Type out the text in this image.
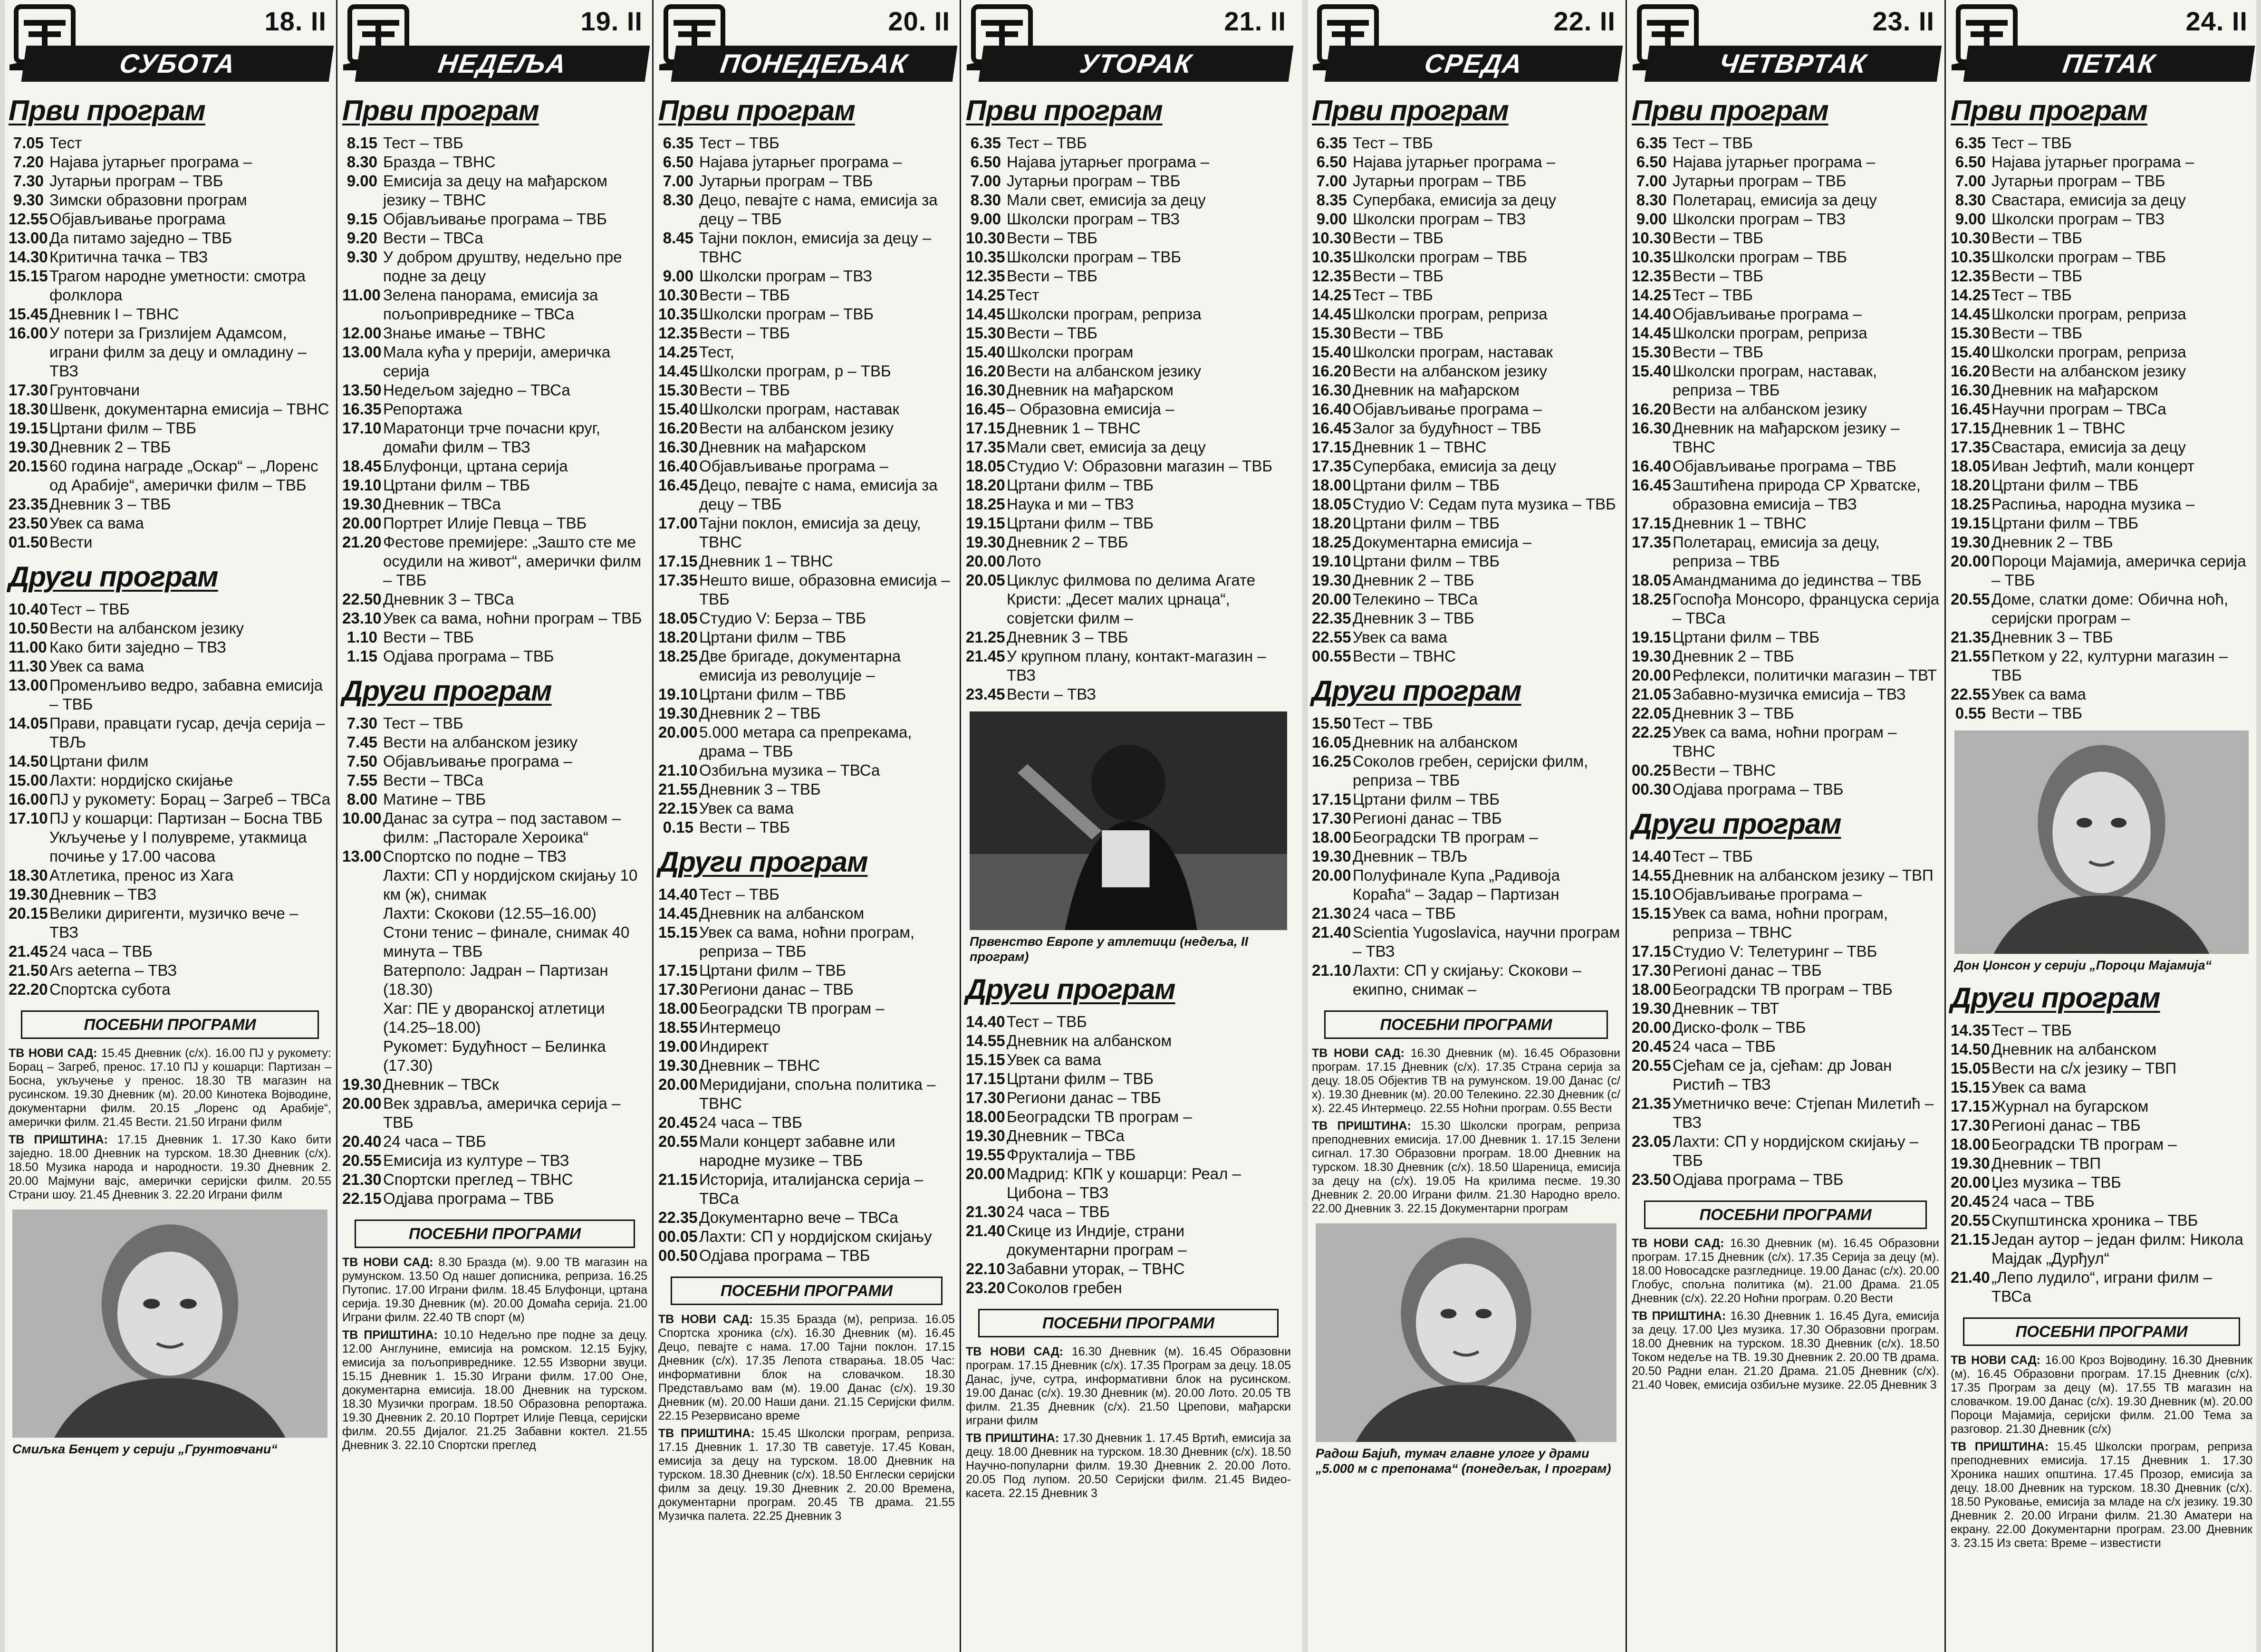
18. II
СУБОТА
Први програм
7.05 Тест
7.20 Најава јутарњег програма –
7.30 Јутарњи програм – ТВБ
9.30 Зимски образовни програм
12.55 Објављивање програма
13.00 Да питамо заједно – ТВБ
14.30 Критична тачка – ТВЗ
15.15 Трагом народне уметности: смотра фолклора
15.45 Дневник I – ТВНС
16.00 У потери за Гризлијем Адамсом, играни филм за децу и омладину – ТВЗ
17.30 Грунтовчани
18.30 Швенк, документарна емисија – ТВНС
19.15 Цртани филм – ТВБ
19.30 Дневник 2 – ТВБ
20.15 60 година награде „Оскар“ – „Лоренс од Арабије“, амерички филм – ТВБ
23.35 Дневник 3 – ТВБ
23.50 Увек са вама
01.50 Вести
Други програм
10.40 Тест – ТВБ
10.50 Вести на албанском језику
11.00 Како бити заједно – ТВЗ
11.30 Увек са вама
13.00 Променљиво ведро, забавна емисија – ТВБ
14.05 Прави, правцати гусар, дечја серија – ТВЉ
14.50 Цртани филм
15.00 Лахти: нордијско скијање
16.00 ПЈ у рукомету: Борац – Загреб – ТВСа
17.10 ПЈ у кошарци: Партизан – Босна ТВБ
Укључење у I полувреме, утакмица почиње у 17.00 часова
18.30 Атлетика, пренос из Хага
19.30 Дневник – ТВЗ
20.15 Велики диригенти, музичко вече – ТВЗ
21.45 24 часа – ТВБ
21.50 Ars aeterna – ТВЗ
22.20 Спортска субота
ПОСЕБНИ ПРОГРАМИ
ТВ НОВИ САД: 15.45 Дневник (с/х). 16.00 ПЈ у рукомету: Борац – Загреб, пренос. 17.10 ПЈ у кошарци: Партизан – Босна, укључење у пренос. 18.30 ТВ магазин на русинском. 19.30 Дневник (м). 20.00 Кинотека Војводине, документарни филм. 20.15 „Лоренс од Арабије“, амерички филм. 21.45 Вести. 21.50 Играни филм
ТВ ПРИШТИНА: 17.15 Дневник 1. 17.30 Како бити заједно. 18.00 Дневник на турском. 18.30 Дневник (с/х). 18.50 Музика народа и народности. 19.30 Дневник 2. 20.00 Мајмуни вајс, амерички серијски филм. 20.55 Страни шоу. 21.45 Дневник 3. 22.20 Играни филм
Смиљка Бенцет у серији „Грунтовчани“
19. II
НЕДЕЉА
Први програм
8.15 Тест – ТВБ
8.30 Бразда – ТВНС
9.00 Емисија за децу на мађарском језику – ТВНС
9.15 Објављивање програма – ТВБ
9.20 Вести – ТВСа
9.30 У добром друштву, недељно пре подне за децу
11.00 Зелена панорама, емисија за пољопривреднике – ТВСа
12.00 Знање имање – ТВНС
13.00 Мала кућа у прерији, америчка серија
13.50 Недељом заједно – ТВСа
16.35 Репортажа
17.10 Маратонци трче почасни круг, домаћи филм – ТВЗ
18.45 Блуфонци, цртана серија
19.10 Цртани филм – ТВБ
19.30 Дневник – ТВСа
20.00 Портрет Илије Певца – ТВБ
21.20 Фестове премијере: „Зашто сте ме осудили на живот“, амерички филм – ТВБ
22.50 Дневник 3 – ТВСа
23.10 Увек са вама, ноћни програм – ТВБ
1.10 Вести – ТВБ
1.15 Одјава програма – ТВБ
Други програм
7.30 Тест – ТВБ
7.45 Вести на албанском језику
7.50 Објављивање програма –
7.55 Вести – ТВСа
8.00 Матине – ТВБ
10.00 Данас за сутра – под заставом – филм: „Пасторале Хероика“
13.00 Спортско по подне – ТВЗ
Лахти: СП у нордијском скијању 10 км (ж), снимак
Лахти: Скокови (12.55–16.00)
Стони тенис – финале, снимак 40 минута – ТВБ
Ватерполо: Јадран – Партизан (18.30)
Хаг: ПЕ у дворанској атлетици (14.25–18.00)
Рукомет: Будућност – Белинка (17.30)
19.30 Дневник – ТВСк
20.00 Век здравља, америчка серија – ТВБ
20.40 24 часа – ТВБ
20.55 Емисија из културе – ТВЗ
21.30 Спортски преглед – ТВНС
22.15 Одјава програма – ТВБ
ПОСЕБНИ ПРОГРАМИ
ТВ НОВИ САД: 8.30 Бразда (м). 9.00 ТВ магазин на румунском. 13.50 Од нашег дописника, репризa. 16.25 Путопис. 17.00 Играни филм. 18.45 Блуфонци, цртана серија. 19.30 Дневник (м). 20.00 Домаћа серија. 21.00 Играни филм. 22.40 ТВ спорт (м)
ТВ ПРИШТИНА: 10.10 Недељно пре подне за децу. 12.00 Англунине, емисија на ромском. 12.15 Бујку, емисија за пољопривреднике. 12.55 Изворни звуци. 15.15 Дневник 1. 15.30 Играни филм. 17.00 Оне, документарна емисија. 18.00 Дневник на турском. 18.30 Музички програм. 18.50 Образовна репортажа. 19.30 Дневник 2. 20.10 Портрет Илије Певца, серијски филм. 20.55 Дијалог. 21.25 Забавни коктел. 21.55 Дневник 3. 22.10 Спортски преглед
20. II
ПОНЕДЕЉАК
Први програм
6.35 Тест – ТВБ
6.50 Најава јутарњег програма –
7.00 Јутарњи програм – ТВБ
8.30 Децо, певајте с нама, емисија за децу – ТВБ
8.45 Тајни поклон, емисија за децу – ТВНС
9.00 Школски програм – ТВЗ
10.30 Вести – ТВБ
10.35 Школски програм – ТВБ
12.35 Вести – ТВБ
14.25 Тест,
14.45 Школски програм, р – ТВБ
15.30 Вести – ТВБ
15.40 Школски програм, наставак
16.20 Вести на албанском језику
16.30 Дневник на мађарском
16.40 Објављивање програма –
16.45 Децо, певајте с нама, емисија за децу – ТВБ
17.00 Тајни поклон, емисија за децу, ТВНС
17.15 Дневник 1 – ТВНС
17.35 Нешто више, образовна емисија – ТВБ
18.05 Студио V: Берза – ТВБ
18.20 Цртани филм – ТВБ
18.25 Две бригаде, документарна емисија из револуције –
19.10 Цртани филм – ТВБ
19.30 Дневник 2 – ТВБ
20.00 5.000 метара са препрекама, драма – ТВБ
21.10 Озбиљна музика – ТВСа
21.55 Дневник 3 – ТВБ
22.15 Увек са вама
0.15 Вести – ТВБ
Други програм
14.40 Тест – ТВБ
14.45 Дневник на албанском
15.15 Увек са вама, ноћни програм, репризa – ТВБ
17.15 Цртани филм – ТВБ
17.30 Региони данас – ТВБ
18.00 Београдски ТВ програм –
18.55 Интермецо
19.00 Индирект
19.30 Дневник – ТВНС
20.00 Меридијани, спољна политика – ТВНС
20.45 24 часа – ТВБ
20.55 Мали концерт забавне или народне музике – ТВБ
21.15 Историја, италијанска серија – ТВСа
22.35 Документарно вече – ТВСа
00.05 Лахти: СП у нордијском скијању
00.50 Одјава програма – ТВБ
ПОСЕБНИ ПРОГРАМИ
ТВ НОВИ САД: 15.35 Бразда (м), репризa. 16.05 Спортска хроника (с/х). 16.30 Дневник (м). 16.45 Децо, певајте с нама. 17.00 Тајни поклон. 17.15 Дневник (с/х). 17.35 Лепота стварања. 18.05 Час: информативни блок на словачком. 18.30 Представљамо вам (м). 19.00 Данас (с/х). 19.30 Дневник (м). 20.00 Наши дани. 21.15 Серијски филм. 22.15 Резервисано време
ТВ ПРИШТИНА: 15.45 Школски програм, репризa. 17.15 Дневник 1. 17.30 ТВ саветује. 17.45 Кован, емисија за децу на турском. 18.00 Дневник на турском. 18.30 Дневник (с/х). 18.50 Енглески серијски филм за децу. 19.30 Дневник 2. 20.00 Времена, документарни програм. 20.45 ТВ драма. 21.55 Музичка палета. 22.25 Дневник 3
21. II
УТОРАК
Први програм
6.35 Тест – ТВБ
6.50 Најава јутарњег програма –
7.00 Јутарњи програм – ТВБ
8.30 Мали свет, емисија за децу
9.00 Школски програм – ТВЗ
10.30 Вести – ТВБ
10.35 Школски програм – ТВБ
12.35 Вести – ТВБ
14.25 Тест
14.45 Школски програм, репризa
15.30 Вести – ТВБ
15.40 Школски програм
16.20 Вести на албанском језику
16.30 Дневник на мађарском
16.45 – Образовна емисија –
17.15 Дневник 1 – ТВНС
17.35 Мали свет, емисија за децу
18.05 Студио V: Образовни магазин – ТВБ
18.20 Цртани филм – ТВБ
18.25 Наука и ми – ТВЗ
19.15 Цртани филм – ТВБ
19.30 Дневник 2 – ТВБ
20.00 Лото
20.05 Циклус филмова по делима Агате Кристи: „Десет малих црнаца“, совјетски филм –
21.25 Дневник 3 – ТВБ
21.45 У крупном плану, контакт-магазин – ТВЗ
23.45 Вести – ТВЗ
Првенство Европе у атлетици (недеља, II програм)
Други програм
14.40 Тест – ТВБ
14.55 Дневник на албанском
15.15 Увек са вама
17.15 Цртани филм – ТВБ
17.30 Региони данас – ТВБ
18.00 Београдски ТВ програм –
19.30 Дневник – ТВСа
19.55 Фрукталија – ТВБ
20.00 Мадрид: КПК у кошарци: Реал – Цибона – ТВЗ
21.30 24 часа – ТВБ
21.40 Скице из Индије, страни документарни програм –
22.10 Забавни уторак, – ТВНС
23.20 Соколов гребен
ПОСЕБНИ ПРОГРАМИ
ТВ НОВИ САД: 16.30 Дневник (м). 16.45 Образовни програм. 17.15 Дневник (с/х). 17.35 Програм за децу. 18.05 Данас, јуче, сутра, информативни блок на русинском. 19.00 Данас (с/х). 19.30 Дневник (м). 20.00 Лото. 20.05 ТВ филм. 21.35 Дневник (с/х). 21.50 Црепови, мађарски играни филм
ТВ ПРИШТИНА: 17.30 Дневник 1. 17.45 Вртић, емисија за децу. 18.00 Дневник на турском. 18.30 Дневник (с/х). 18.50 Научно-популарни филм. 19.30 Дневник 2. 20.00 Лото. 20.05 Под лупом. 20.50 Серијски филм. 21.45 Видео-касета. 22.15 Дневник 3
22. II
СРЕДА
Први програм
6.35 Тест – ТВБ
6.50 Најава јутарњег програма –
7.00 Јутарњи програм – ТВБ
8.35 Супербака, емисија за децу
9.00 Школски програм – ТВЗ
10.30 Вести – ТВБ
10.35 Школски програм – ТВБ
12.35 Вести – ТВБ
14.25 Тест – ТВБ
14.45 Школски програм, репризa
15.30 Вести – ТВБ
15.40 Школски програм, наставак
16.20 Вести на албанском језику
16.30 Дневник на мађарском
16.40 Објављивање програма –
16.45 Залог за будућност – ТВБ
17.15 Дневник 1 – ТВНС
17.35 Супербака, емисија за децу
18.00 Цртани филм – ТВБ
18.05 Студио V: Седам пута музика – ТВБ
18.20 Цртани филм – ТВБ
18.25 Документарна емисија –
19.10 Цртани филм – ТВБ
19.30 Дневник 2 – ТВБ
20.00 Телекино – ТВСа
22.35 Дневник 3 – ТВБ
22.55 Увек са вама
00.55 Вести – ТВНС
Други програм
15.50 Тест – ТВБ
16.05 Дневник на албанском
16.25 Соколов гребен, серијски филм, репризa – ТВБ
17.15 Цртани филм – ТВБ
17.30 Регионi данас – ТВБ
18.00 Београдски ТВ програм –
19.30 Дневник – ТВЉ
20.00 Полуфинале Купа „Радивоја Кораћа“ – Задар – Партизан
21.30 24 часа – ТВБ
21.40 Scientia Yugoslavica, научни програм – ТВЗ
21.10 Лахти: СП у скијању: Скокови – екипно, снимак –
ПОСЕБНИ ПРОГРАМИ
ТВ НОВИ САД: 16.30 Дневник (м). 16.45 Образовни програм. 17.15 Дневник (с/х). 17.35 Страна серија за децу. 18.05 Објектив ТВ на румунском. 19.00 Данас (с/х). 19.30 Дневник (м). 20.00 Телекино. 22.30 Дневник (с/х). 22.45 Интермецо. 22.55 Ноћни програм. 0.55 Вести
ТВ ПРИШТИНА: 15.30 Школски програм, репризa преподневних емисија. 17.00 Дневник 1. 17.15 Зелени сигнал. 17.30 Образовни програм. 18.00 Дневник на турском. 18.30 Дневник (с/х). 18.50 Шареница, емисија за децу на (с/х). 19.05 На крилима песме. 19.30 Дневник 2. 20.00 Играни филм. 21.30 Народно врело. 22.00 Дневник 3. 22.15 Документарни програм
Радош Бајић, тумач главне улоге у драми „5.000 м с препонама“ (понедељак, I програм)
23. II
ЧЕТВРТАК
Први програм
6.35 Тест – ТВБ
6.50 Најава јутарњег програма –
7.00 Јутарњи програм – ТВБ
8.30 Полетарац, емисија за децу
9.00 Школски програм – ТВЗ
10.30 Вести – ТВБ
10.35 Школски програм – ТВБ
12.35 Вести – ТВБ
14.25 Тест – ТВБ
14.40 Објављивање програма –
14.45 Школски програм, репризa
15.30 Вести – ТВБ
15.40 Школски програм, наставак, репризa – ТВБ
16.20 Вести на албанском језику
16.30 Дневник на мађарском језику – ТВНС
16.40 Објављивање програма – ТВБ
16.45 Заштићена природа СР Хрватске, образовна емисија – ТВЗ
17.15 Дневник 1 – ТВНС
17.35 Полетарац, емисија за децу, репризa – ТВБ
18.05 Амандманима до јединства – ТВБ
18.25 Госпођа Монсоро, француска серија – ТВСа
19.15 Цртани филм – ТВБ
19.30 Дневник 2 – ТВБ
20.00 Рефлекси, политички магазин – ТВТ
21.05 Забавно-музичка емисија – ТВЗ
22.05 Дневник 3 – ТВБ
22.25 Увек са вама, ноћни програм – ТВНС
00.25 Вести – ТВНС
00.30 Одјава програма – ТВБ
Други програм
14.40 Тест – ТВБ
14.55 Дневник на албанском језику – ТВП
15.10 Објављивање програма –
15.15 Увек са вама, ноћни програм, репризa – ТВНС
17.15 Студио V: Телетуринг – ТВБ
17.30 Регионi данас – ТВБ
18.00 Београдски ТВ програм – ТВБ
19.30 Дневник – ТВТ
20.00 Диско-фолк – ТВБ
20.45 24 часа – ТВБ
20.55 Сјећам се ја, сјећам: др Јован Ристић – ТВЗ
21.35 Уметничко вече: Стјепан Милетић – ТВЗ
23.05 Лахти: СП у нордијском скијању – ТВБ
23.50 Одјава програма – ТВБ
ПОСЕБНИ ПРОГРАМИ
ТВ НОВИ САД: 16.30 Дневник (м). 16.45 Образовни програм. 17.15 Дневник (с/х). 17.35 Серија за децу (м). 18.00 Новосадске разгледнице. 19.00 Данас (с/х). 20.00 Глобус, спољна политика (м). 21.00 Драма. 21.05 Дневник (с/х). 22.20 Ноћни програм. 0.20 Вести
ТВ ПРИШТИНА: 16.30 Дневник 1. 16.45 Дуга, емисија за децу. 17.00 Џез музика. 17.30 Образовни програм. 18.00 Дневник на турском. 18.30 Дневник (с/х). 18.50 Током недеље на ТВ. 19.30 Дневник 2. 20.00 ТВ драма. 20.50 Радни елан. 21.20 Драма. 21.05 Дневник (с/х). 21.40 Човек, емисија озбиљне музике. 22.05 Дневник 3
24. II
ПЕТАК
Први програм
6.35 Тест – ТВБ
6.50 Најава јутарњег програма –
7.00 Јутарњи програм – ТВБ
8.30 Свастара, емисија за децу
9.00 Школски програм – ТВЗ
10.30 Вести – ТВБ
10.35 Школски програм – ТВБ
12.35 Вести – ТВБ
14.25 Тест – ТВБ
14.45 Школски програм, репризa
15.30 Вести – ТВБ
15.40 Школски програм, репризa
16.20 Вести на албанском језику
16.30 Дневник на мађарском
16.45 Научни програм – ТВСа
17.15 Дневник 1 – ТВНС
17.35 Свастара, емисија за децу
18.05 Иван Јефтић, мали концерт
18.20 Цртани филм – ТВБ
18.25 Распиња, народна музика –
19.15 Цртани филм – ТВБ
19.30 Дневник 2 – ТВБ
20.00 Пороци Мајамија, америчка серија – ТВБ
20.55 Доме, слатки доме: Обична ноћ, серијски програм –
21.35 Дневник 3 – ТВБ
21.55 Петком у 22, културни магазин – ТВБ
22.55 Увек са вама
0.55 Вести – ТВБ
Дон Џонсон у серији „Пороци Мајамија“
Други програм
14.35 Тест – ТВБ
14.50 Дневник на албанском
15.05 Вести на с/х језику – ТВП
15.15 Увек са вама
17.15 Журнал на бугарском
17.30 Регионi данас – ТВБ
18.00 Београдски ТВ програм –
19.30 Дневник – ТВП
20.00 Џез музика – ТВБ
20.45 24 часа – ТВБ
20.55 Скупштинска хроника – ТВБ
21.15 Један аутор – један филм: Никола Мајдак „Дурђул“
21.40 „Лепо лудило“, играни филм – ТВСа
ПОСЕБНИ ПРОГРАМИ
ТВ НОВИ САД: 16.00 Кроз Војводину. 16.30 Дневник (м). 16.45 Образовни програм. 17.15 Дневник (с/х). 17.35 Програм за децу (м). 17.55 ТВ магазин на словачком. 19.00 Данас (с/х). 19.30 Дневник (м). 20.00 Пороци Мајамија, серијски филм. 21.00 Тема за разговор. 21.30 Дневник (с/х)
ТВ ПРИШТИНА: 15.45 Школски програм, репризa преподневних емисија. 17.15 Дневник 1. 17.30 Хроника наших општина. 17.45 Прозор, емисија за децу. 18.00 Дневник на турском. 18.30 Дневник (с/х). 18.50 Руковање, емисија за младе на с/х језику. 19.30 Дневник 2. 20.00 Играни филм. 21.30 Аматери на екрану. 22.00 Документарни програм. 23.00 Дневник 3. 23.15 Из света: Време – известисти
